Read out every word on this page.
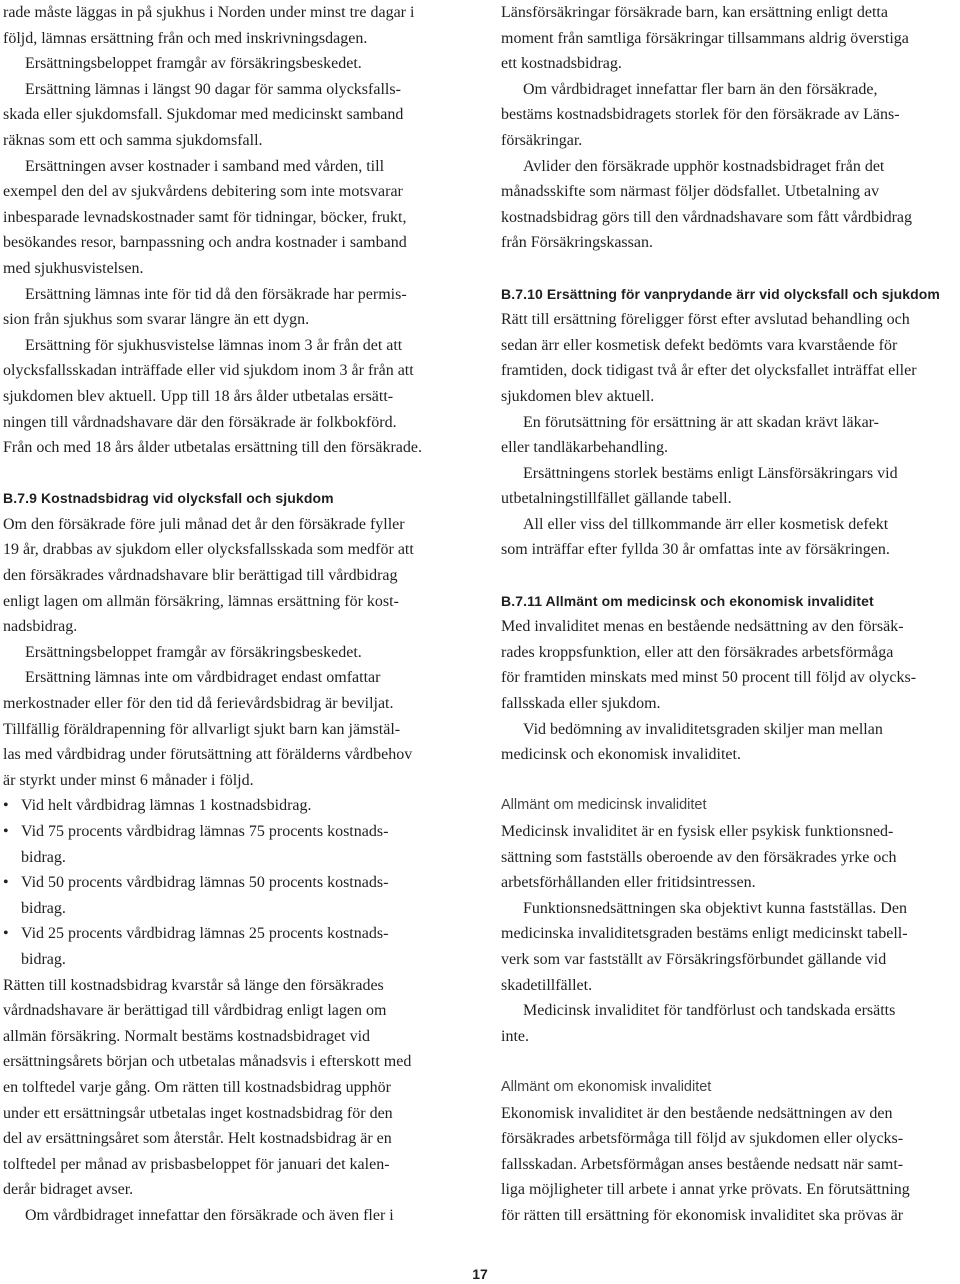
rade måste läggas in på sjukhus i Norden under minst tre dagar i
följd, lämnas ersättning från och med inskrivningsdagen.
Ersättningsbeloppet framgår av försäkringsbeskedet.
Ersättning lämnas i längst 90 dagar för samma olycksfalls-
skada eller sjukdomsfall. Sjukdomar med medicinskt samband
räknas som ett och samma sjukdomsfall.
Ersättningen avser kostnader i samband med vården, till
exempel den del av sjukvårdens debitering som inte motsvarar
inbesparade levnadskostnader samt för tidningar, böcker, frukt,
besökandes resor, barnpassning och andra kostnader i samband
med sjukhusvistelsen.
Ersättning lämnas inte för tid då den försäkrade har permis-
sion från sjukhus som svarar längre än ett dygn.
Ersättning för sjukhusvistelse lämnas inom 3 år från det att
olycksfallsskadan inträffade eller vid sjukdom inom 3 år från att
sjukdomen blev aktuell. Upp till 18 års ålder utbetalas ersätt-
ningen till vårdnadshavare där den försäkrade är folkbokförd.
Från och med 18 års ålder utbetalas ersättning till den försäkrade.
B.7.9 Kostnadsbidrag vid olycksfall och sjukdom
Om den försäkrade före juli månad det år den försäkrade fyller
19 år, drabbas av sjukdom eller olycksfallsskada som medför att
den försäkrades vårdnadshavare blir berättigad till vårdbidrag
enligt lagen om allmän försäkring, lämnas ersättning för kost-
nadsbidrag.
Ersättningsbeloppet framgår av försäkringsbeskedet.
Ersättning lämnas inte om vårdbidraget endast omfattar
merkostnader eller för den tid då ferievårdsbidrag är beviljat.
Tillfällig föräldrapenning för allvarligt sjukt barn kan jämstäl-
las med vårdbidrag under förutsättning att förälderns vårdbehov
är styrkt under minst 6 månader i följd.
• Vid helt vårdbidrag lämnas 1 kostnadsbidrag.
• Vid 75 procents vårdbidrag lämnas 75 procents kostnads-
bidrag.
• Vid 50 procents vårdbidrag lämnas 50 procents kostnads-
bidrag.
• Vid 25 procents vårdbidrag lämnas 25 procents kostnads-
bidrag.
Rätten till kostnadsbidrag kvarstår så länge den försäkrades
vårdnadshavare är berättigad till vårdbidrag enligt lagen om
allmän försäkring. Normalt bestäms kostnadsbidraget vid
ersättningsårets början och utbetalas månadsvis i efterskott med
en tolftedel varje gång. Om rätten till kostnadsbidrag upphör
under ett ersättningsår utbetalas inget kostnadsbidrag för den
del av ersättningsåret som återstår. Helt kostnadsbidrag är en
tolftedel per månad av prisbasbeloppet för januari det kalen-
derår bidraget avser.
Om vårdbidraget innefattar den försäkrade och även fler i
Länsförsäkringar försäkrade barn, kan ersättning enligt detta
moment från samtliga försäkringar tillsammans aldrig överstiga
ett kostnadsbidrag.
Om vårdbidraget innefattar fler barn än den försäkrade,
bestäms kostnadsbidragets storlek för den försäkrade av Läns-
försäkringar.
Avlider den försäkrade upphör kostnadsbidraget från det
månadsskifte som närmast följer dödsfallet. Utbetalning av
kostnadsbidrag görs till den vårdnadshavare som fått vårdbidrag
från Försäkringskassan.
B.7.10 Ersättning för vanprydande ärr vid olycksfall och sjukdom
Rätt till ersättning föreligger först efter avslutad behandling och
sedan ärr eller kosmetisk defekt bedömts vara kvarstående för
framtiden, dock tidigast två år efter det olycksfallet inträffat eller
sjukdomen blev aktuell.
En förutsättning för ersättning är att skadan krävt läkar-
eller tandläkarbehandling.
Ersättningens storlek bestäms enligt Länsförsäkringars vid
utbetalningstillfället gällande tabell.
All eller viss del tillkommande ärr eller kosmetisk defekt
som inträffar efter fyllda 30 år omfattas inte av försäkringen.
B.7.11 Allmänt om medicinsk och ekonomisk invaliditet
Med invaliditet menas en bestående nedsättning av den försäk-
rades kroppsfunktion, eller att den försäkrades arbetsförmåga
för framtiden minskats med minst 50 procent till följd av olycks-
fallsskada eller sjukdom.
Vid bedömning av invaliditetsgraden skiljer man mellan
medicinsk och ekonomisk invaliditet.
Allmänt om medicinsk invaliditet
Medicinsk invaliditet är en fysisk eller psykisk funktionsned-
sättning som fastställs oberoende av den försäkrades yrke och
arbetsförhållanden eller fritidsintressen.
Funktionsnedsättningen ska objektivt kunna fastställas. Den
medicinska invaliditetsgraden bestäms enligt medicinskt tabell-
verk som var fastställt av Försäkringsförbundet gällande vid
skadetillfället.
Medicinsk invaliditet för tandförlust och tandskada ersätts
inte.
Allmänt om ekonomisk invaliditet
Ekonomisk invaliditet är den bestående nedsättningen av den
försäkrades arbetsförmåga till följd av sjukdomen eller olycks-
fallsskadan. Arbetsförmågan anses bestående nedsatt när samt-
liga möjligheter till arbete i annat yrke prövats. En förutsättning
för rätten till ersättning för ekonomisk invaliditet ska prövas är
17
